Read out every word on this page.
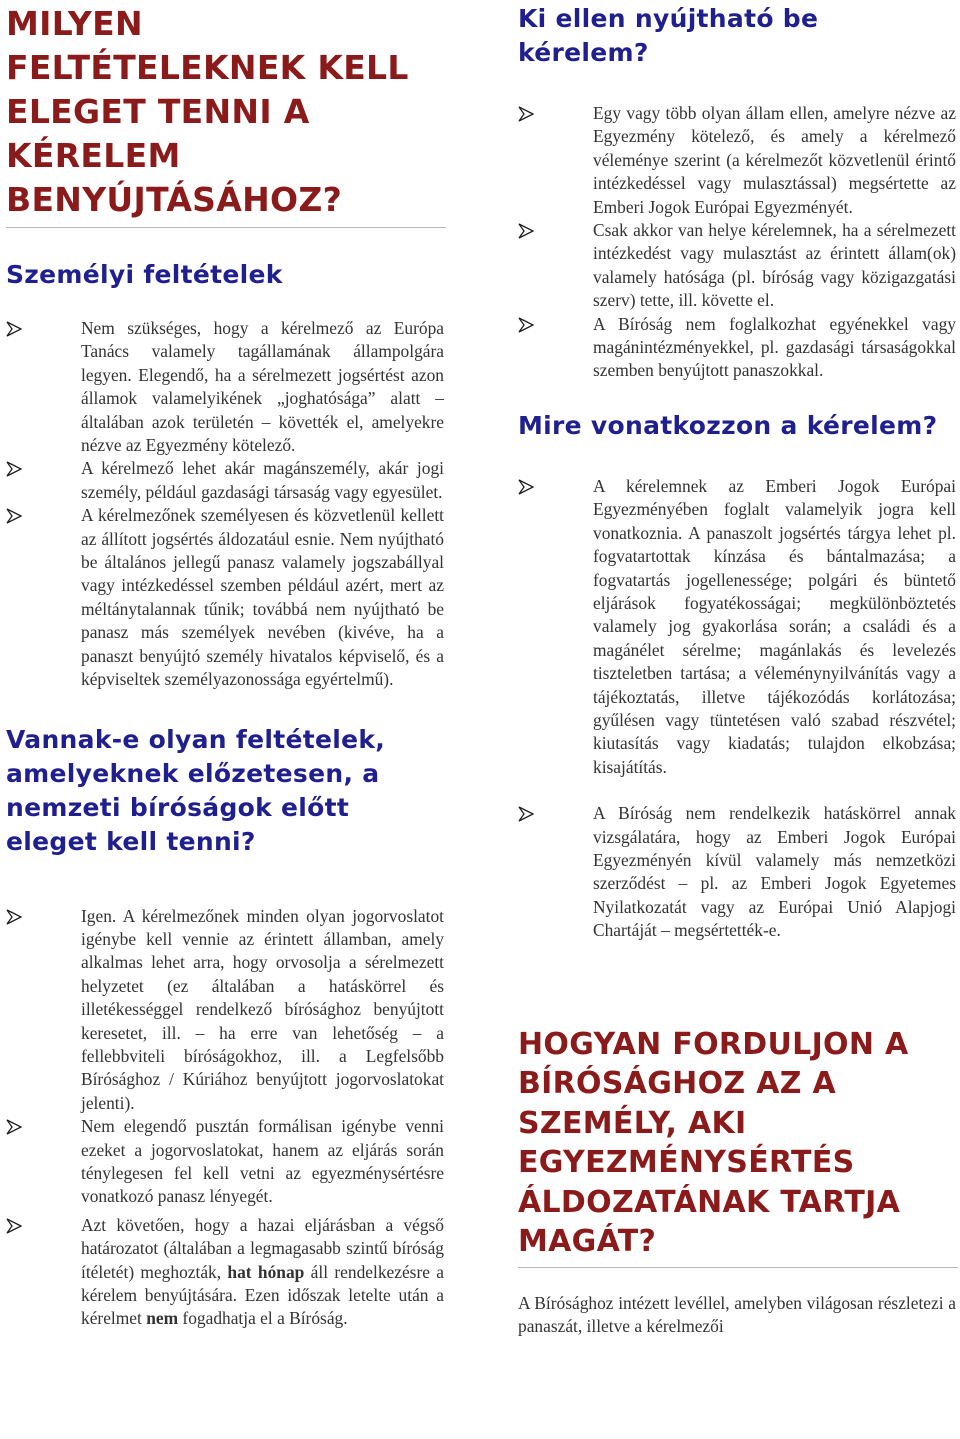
MILYEN FELTÉTELEKNEK KELL ELEGET TENNI A KÉRELEM BENYÚJTÁSÁHOZ?
Személyi feltételek
Nem szükséges, hogy a kérelmező az Európa Tanács valamely tagállamának állampolgára legyen. Elegendő, ha a sérelmezett jogsértést azon államok valamelyikének „joghatósága” alatt – általában azok területén – követték el, amelyekre nézve az Egyezmény kötelező.
A kérelmező lehet akár magánszemély, akár jogi személy, például gazdasági társaság vagy egyesület.
A kérelmezőnek személyesen és közvetlenül kellett az állított jogsértés áldozatául esnie. Nem nyújtható be általános jellegű panasz valamely jogszabállyal vagy intézkedéssel szemben például azért, mert az méltánytalannak tűnik; továbbá nem nyújtható be panasz más személyek nevében (kivéve, ha a panaszt benyújtó személy hivatalos képviselő, és a képviseltek személyazonossága egyértelmű).
Vannak-e olyan feltételek, amelyeknek előzetesen, a nemzeti bíróságok előtt eleget kell tenni?
Igen. A kérelmezőnek minden olyan jogorvoslatot igénybe kell vennie az érintett államban, amely alkalmas lehet arra, hogy orvosolja a sérelmezett helyzetet (ez általában a hatáskörrel és illetékességgel rendelkező bírósághoz benyújtott keresetet, ill. – ha erre van lehetőség – a fellebbviteli bíróságokhoz, ill. a Legfelsőbb Bírósághoz / Kúriához benyújtott jogorvoslatokat jelenti).
Nem elegendő pusztán formálisan igénybe venni ezeket a jogorvoslatokat, hanem az eljárás során ténylegesen fel kell vetni az egyezménysértésre vonatkozó panasz lényegét.
Azt követően, hogy a hazai eljárásban a végső határozatot (általában a legmagasabb szintű bíróság ítéletét) meghozták, hat hónap áll rendelkezésre a kérelem benyújtására. Ezen időszak letelte után a kérelmet nem fogadhatja el a Bíróság.
Ki ellen nyújtható be kérelem?
Egy vagy több olyan állam ellen, amelyre nézve az Egyezmény kötelező, és amely a kérelmező véleménye szerint (a kérelmezőt közvetlenül érintő intézkedéssel vagy mulasztással) megsértette az Emberi Jogok Európai Egyezményét.
Csak akkor van helye kérelemnek, ha a sérelmezett intézkedést vagy mulasztást az érintett állam(ok) valamely hatósága (pl. bíróság vagy közigazgatási szerv) tette, ill. követte el.
A Bíróság nem foglalkozhat egyénekkel vagy magánintézményekkel, pl. gazdasági társaságokkal szemben benyújtott panaszokkal.
Mire vonatkozzon a kérelem?
A kérelemnek az Emberi Jogok Európai Egyezményében foglalt valamelyik jogra kell vonatkoznia. A panaszolt jogsértés tárgya lehet pl. fogvatartottak kínzása és bántalmazása; a fogvatartás jogellenessége; polgári és büntető eljárások fogyatékosságai; megkülönböztetés valamely jog gyakorlása során; a családi és a magánélet sérelme; magánlakás és levelezés tiszteletben tartása; a véleménynyilvánítás vagy a tájékoztatás, illetve tájékozódás korlátozása; gyűlésen vagy tüntetésen való szabad részvétel; kiutasítás vagy kiadatás; tulajdon elkobzása; kisajátítás.
A Bíróság nem rendelkezik hatáskörrel annak vizsgálatára, hogy az Emberi Jogok Európai Egyezményén kívül valamely más nemzetközi szerződést – pl. az Emberi Jogok Egyetemes Nyilatkozatát vagy az Európai Unió Alapjogi Chartáját – megsértették-e.
HOGYAN FORDULJON A BÍRÓSÁGHOZ AZ A SZEMÉLY, AKI EGYEZMÉNYSÉRTÉS ÁLDOZATÁNAK TARTJA MAGÁT?

A Bírósághoz intézett levéllel, amelyben világosan részletezi a panaszát, illetve a kérelmezői
